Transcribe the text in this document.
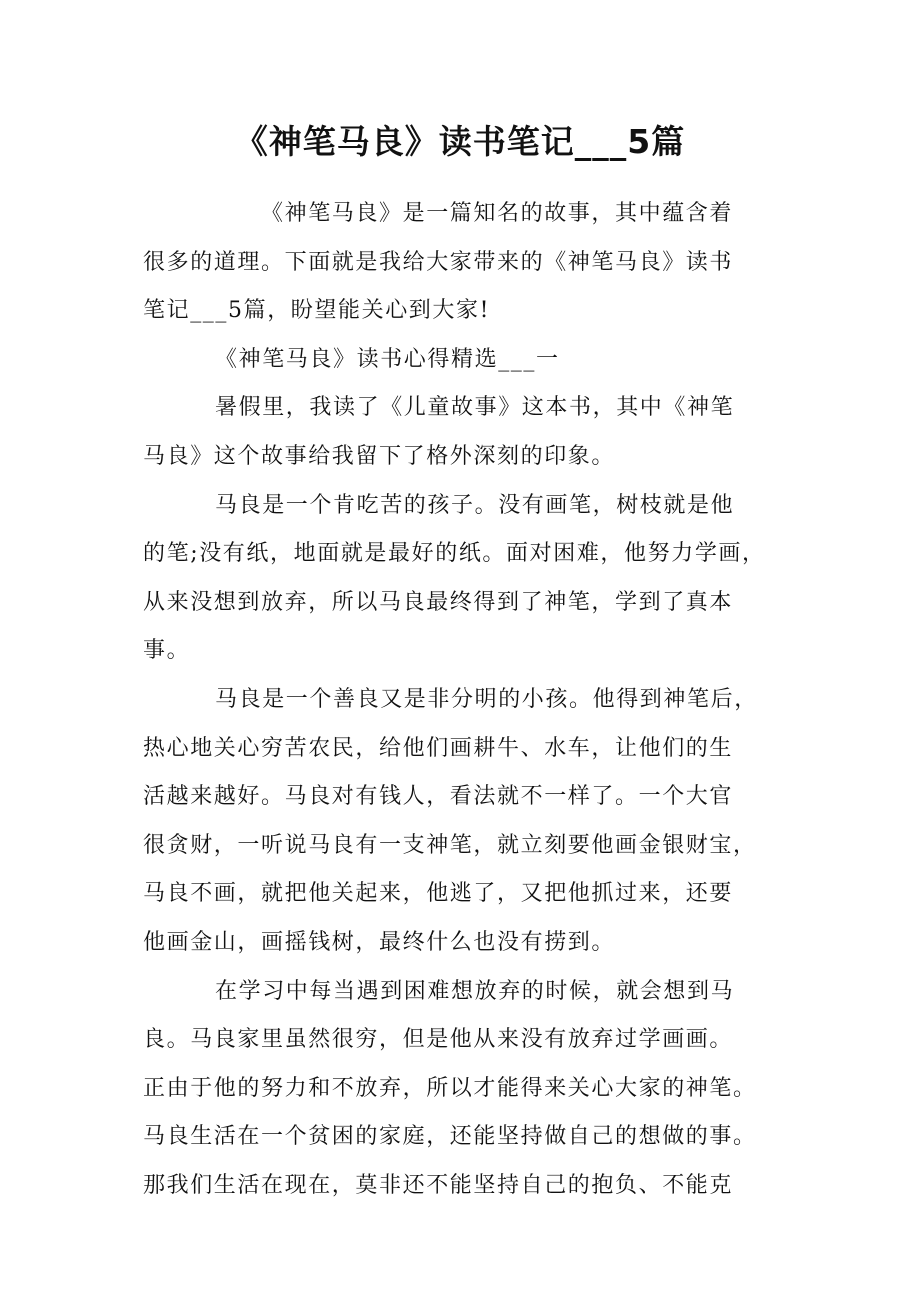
《神笔马良》读书笔记___5篇

《神笔马良》是一篇知名的故事，其中蕴含着
很多的道理。下面就是我给大家带来的《神笔马良》读书
笔记___5篇，盼望能关心到大家!

《神笔马良》读书心得精选___一

暑假里，我读了《儿童故事》这本书，其中《神笔
马良》这个故事给我留下了格外深刻的印象。

马良是一个肯吃苦的孩子。没有画笔，树枝就是他
的笔;没有纸，地面就是最好的纸。面对困难，他努力学画，
从来没想到放弃，所以马良最终得到了神笔，学到了真本
事。

马良是一个善良又是非分明的小孩。他得到神笔后，
热心地关心穷苦农民，给他们画耕牛、水车，让他们的生
活越来越好。马良对有钱人，看法就不一样了。一个大官
很贪财，一听说马良有一支神笔，就立刻要他画金银财宝，
马良不画，就把他关起来，他逃了，又把他抓过来，还要
他画金山，画摇钱树，最终什么也没有捞到。

在学习中每当遇到困难想放弃的时候，就会想到马
良。马良家里虽然很穷，但是他从来没有放弃过学画画。
正由于他的努力和不放弃，所以才能得来关心大家的神笔。
马良生活在一个贫困的家庭，还能坚持做自己的想做的事。
那我们生活在现在，莫非还不能坚持自己的抱负、不能克
